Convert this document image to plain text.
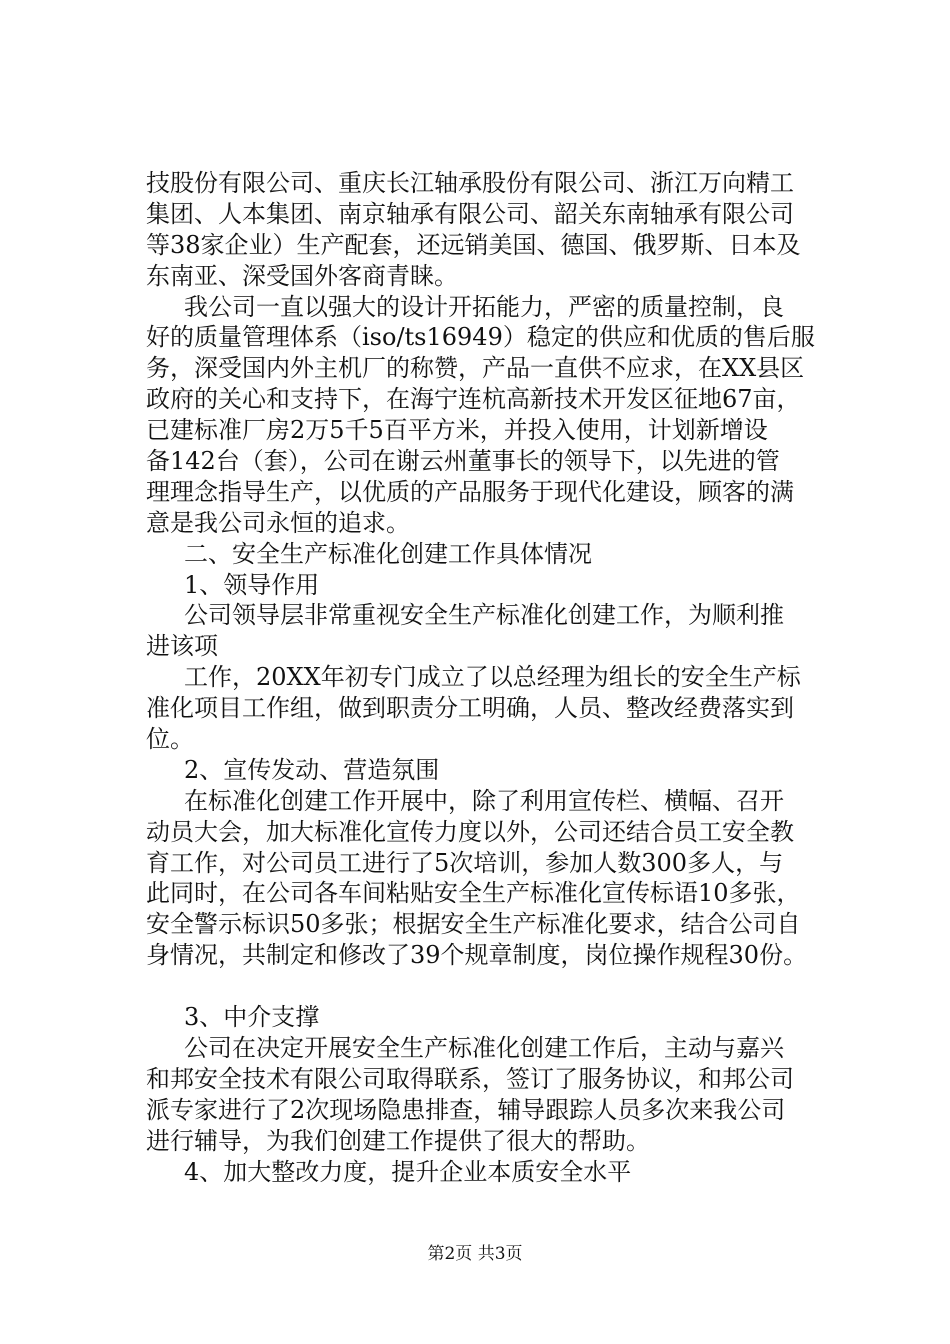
技股份有限公司、重庆长江轴承股份有限公司、浙江万向精工
集团、人本集团、南京轴承有限公司、韶关东南轴承有限公司
等38家企业）生产配套，还远销美国、德国、俄罗斯、日本及
东南亚、深受国外客商青睐。
我公司一直以强大的设计开拓能力，严密的质量控制，良
好的质量管理体系（iso/ts16949）稳定的供应和优质的售后服
务，深受国内外主机厂的称赞，产品一直供不应求，在XX县区
政府的关心和支持下，在海宁连杭高新技术开发区征地67亩，
已建标准厂房2万5千5百平方米，并投入使用，计划新增设
备142台（套），公司在谢云州董事长的领导下，以先进的管
理理念指导生产，以优质的产品服务于现代化建设，顾客的满
意是我公司永恒的追求。
二、安全生产标准化创建工作具体情况
1、领导作用
公司领导层非常重视安全生产标准化创建工作，为顺利推
进该项
工作，20XX年初专门成立了以总经理为组长的安全生产标
准化项目工作组，做到职责分工明确，人员、整改经费落实到
位。
2、宣传发动、营造氛围
在标准化创建工作开展中，除了利用宣传栏、横幅、召开
动员大会，加大标准化宣传力度以外，公司还结合员工安全教
育工作，对公司员工进行了5次培训，参加人数300多人，与
此同时，在公司各车间粘贴安全生产标准化宣传标语10多张，
安全警示标识50多张；根据安全生产标准化要求，结合公司自
身情况，共制定和修改了39个规章制度，岗位操作规程30份。
3、中介支撑
公司在决定开展安全生产标准化创建工作后，主动与嘉兴
和邦安全技术有限公司取得联系，签订了服务协议，和邦公司
派专家进行了2次现场隐患排查，辅导跟踪人员多次来我公司
进行辅导，为我们创建工作提供了很大的帮助。
4、加大整改力度，提升企业本质安全水平
第2页 共3页
